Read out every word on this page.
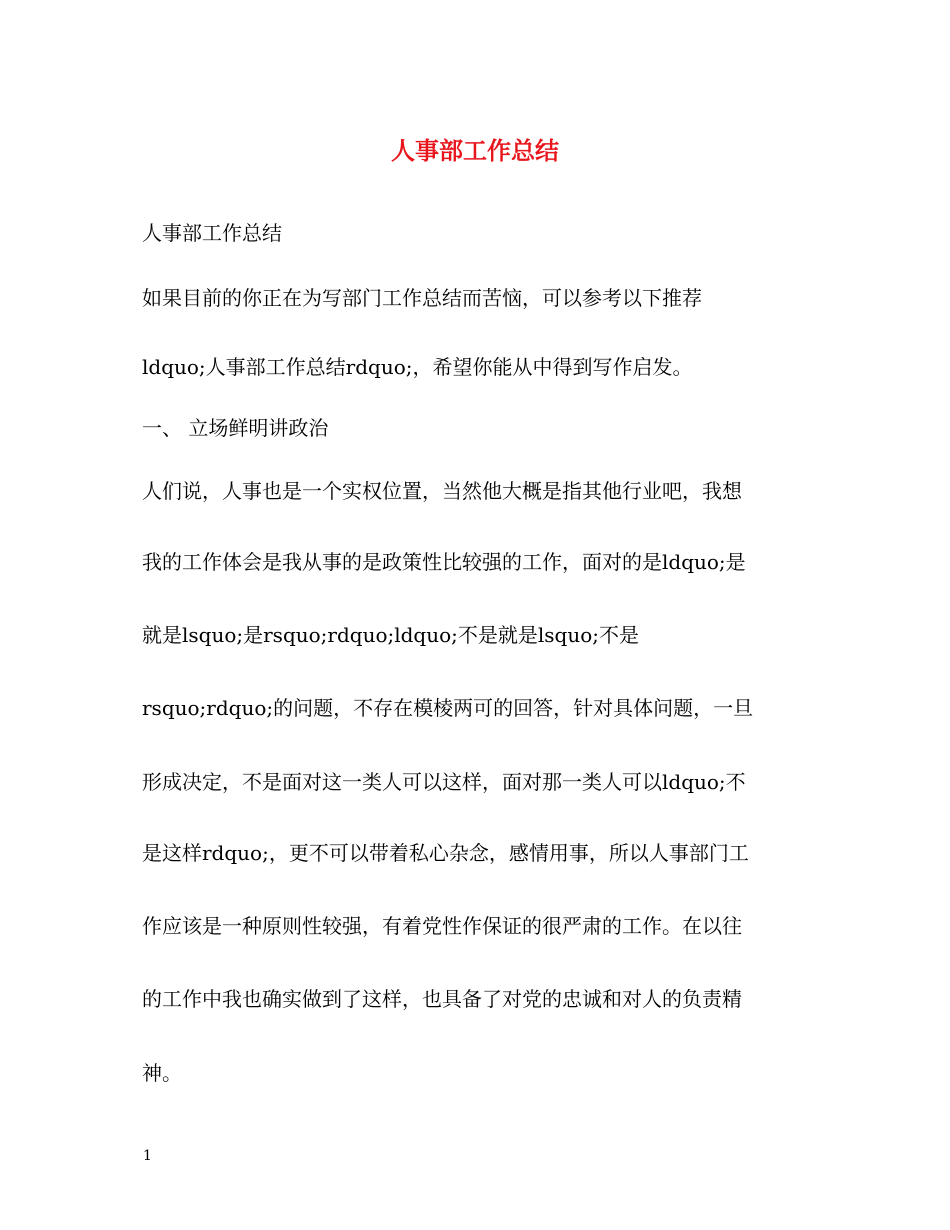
人事部工作总结
人事部工作总结
如果目前的你正在为写部门工作总结而苦恼，可以参考以下推荐
ldquo;人事部工作总结rdquo;，希望你能从中得到写作启发。
一、 立场鲜明讲政治
人们说，人事也是一个实权位置，当然他大概是指其他行业吧，我想
我的工作体会是我从事的是政策性比较强的工作，面对的是ldquo;是
就是lsquo;是rsquo;rdquo;ldquo;不是就是lsquo;不是
rsquo;rdquo;的问题，不存在模棱两可的回答，针对具体问题，一旦
形成决定，不是面对这一类人可以这样，面对那一类人可以ldquo;不
是这样rdquo;，更不可以带着私心杂念，感情用事，所以人事部门工
作应该是一种原则性较强，有着党性作保证的很严肃的工作。在以往
的工作中我也确实做到了这样，也具备了对党的忠诚和对人的负责精
神。
1
